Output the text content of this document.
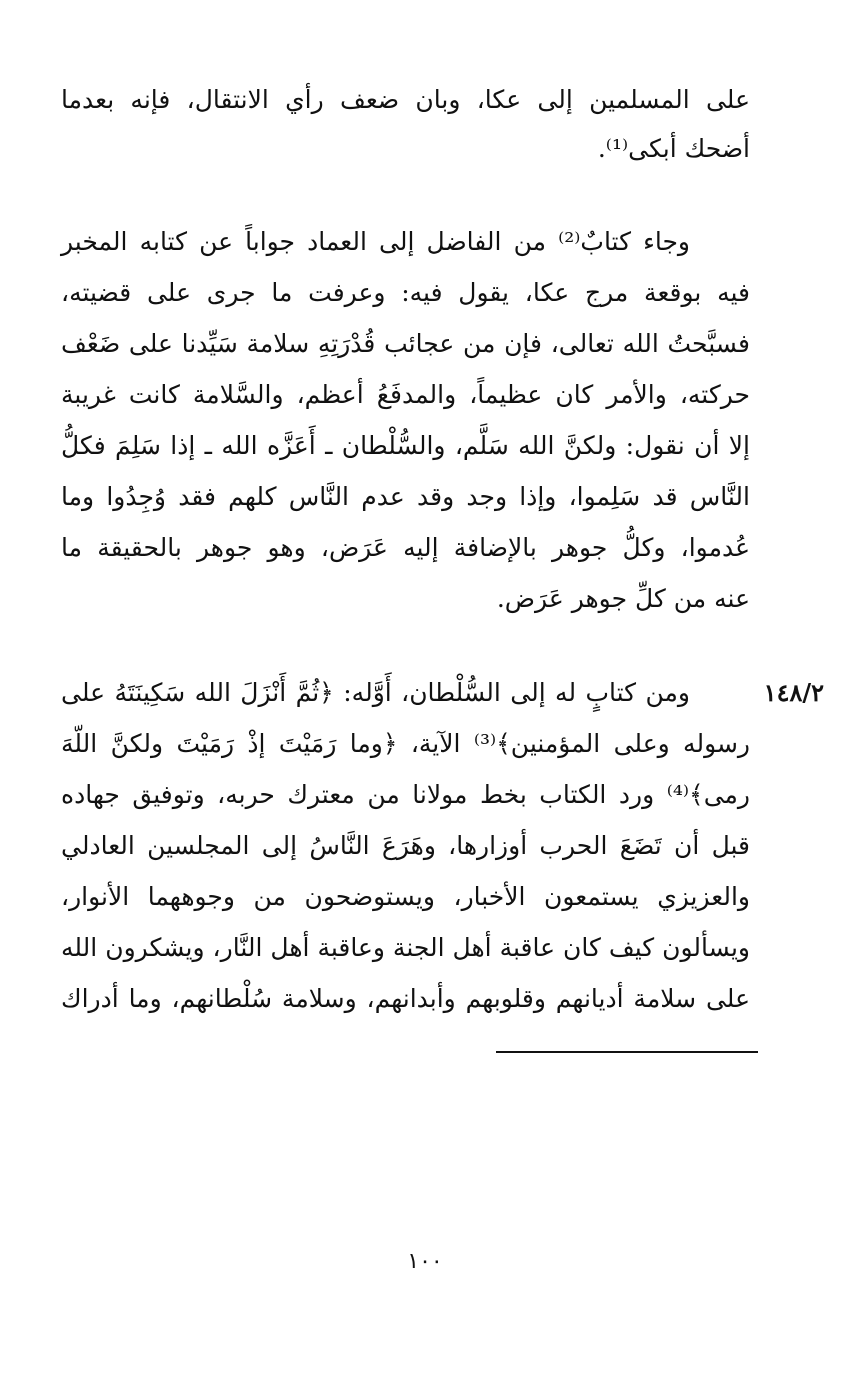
على المسلمين إلى عكا، وبان ضعف رأي الانتقال، فإنه بعدما
أضحك أبكى⁽¹⁾.
وجاء كتابٌ⁽²⁾ من الفاضل إلى العماد جواباً عن كتابه المخبر
فيه بوقعة مرج عكا، يقول فيه: وعرفت ما جرى على قضيته،
فسبَّحتُ الله تعالى، فإن من عجائب قُدْرَتِهِ سلامة سَيِّدنا على ضَعْف
حركته، والأمر كان عظيماً، والمدفَعُ أعظم، والسَّلامة كانت غريبة
إلا أن نقول: ولكنَّ الله سَلَّم، والسُّلْطان ـ أَعَزَّه الله ـ إذا سَلِمَ فكلُّ
النَّاس قد سَلِموا، وإذا وجد وقد عدم النَّاس كلهم فقد وُجِدُوا وما
عُدموا، وكلُّ جوهر بالإضافة إليه عَرَض، وهو جوهر بالحقيقة ما
عنه من كلِّ جوهر عَرَض.
١٤٨/٢
ومن كتابٍ له إلى السُّلْطان، أَوَّله: ﴿ثُمَّ أَنْزَلَ الله سَكِينَتَهُ على
رسوله وعلى المؤمنين﴾⁽³⁾ الآية، ﴿وما رَمَيْتَ إذْ رَمَيْتَ ولكنَّ اللّهَ
رمى﴾⁽⁴⁾ ورد الكتاب بخط مولانا من معترك حربه، وتوفيق جهاده
قبل أن تَضَعَ الحرب أوزارها، وهَرَعَ النَّاسُ إلى المجلسين العادلي
والعزيزي يستمعون الأخبار، ويستوضحون من وجوههما الأنوار،
ويسألون كيف كان عاقبة أهل الجنة وعاقبة أهل النَّار، ويشكرون الله
على سلامة أديانهم وقلوبهم وأبدانهم، وسلامة سُلْطانهم، وما أدراك
١٠٠
